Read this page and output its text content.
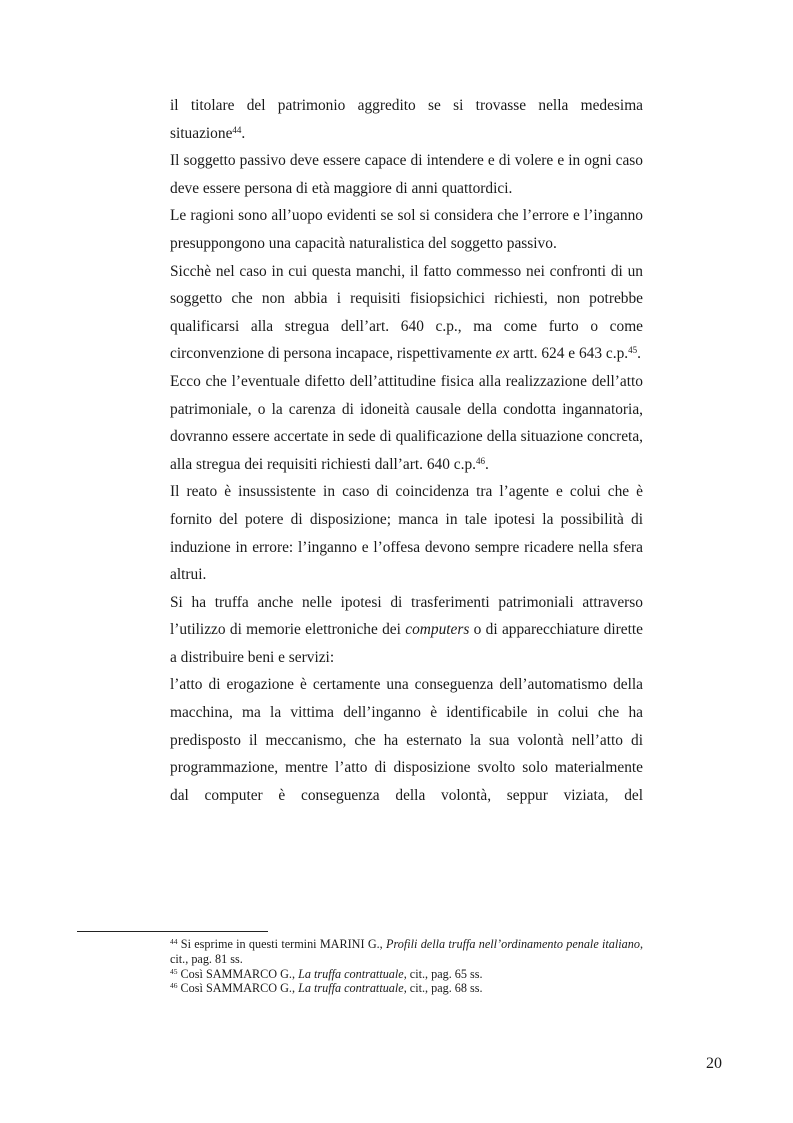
il titolare del patrimonio aggredito se si trovasse nella medesima situazione$^{44}$.

Il soggetto passivo deve essere capace di intendere e di volere e in ogni caso deve essere persona di età maggiore di anni quattordici.

Le ragioni sono all’uopo evidenti se sol si considera che l’errore e l’inganno presuppongono una capacità naturalistica del soggetto passivo.

Sicchè nel caso in cui questa manchi, il fatto commesso nei confronti di un soggetto che non abbia i requisiti fisiopsichici richiesti, non potrebbe qualificarsi alla stregua dell’art. 640 c.p., ma come furto o come circonvenzione di persona incapace, rispettivamente ex artt. 624 e 643 c.p.$^{45}$.

Ecco che l’eventuale difetto dell’attitudine fisica alla realizzazione dell’atto patrimoniale, o la carenza di idoneità causale della condotta ingannatoria, dovranno essere accertate in sede di qualificazione della situazione concreta, alla stregua dei requisiti richiesti dall’art. 640 c.p.$^{46}$.

Il reato è insussistente in caso di coincidenza tra l’agente e colui che è fornito del potere di disposizione; manca in tale ipotesi la possibilità di induzione in errore: l’inganno e l’offesa devono sempre ricadere nella sfera altrui.

Si ha truffa anche nelle ipotesi di trasferimenti patrimoniali attraverso l’utilizzo di memorie elettroniche dei computers o di apparecchiature dirette a distribuire beni e servizi:

l’atto di erogazione è certamente una conseguenza dell’automatismo della macchina, ma la vittima dell’inganno è identificabile in colui che ha predisposto il meccanismo, che ha esternato la sua volontà nell’atto di programmazione, mentre l’atto di disposizione svolto solo materialmente dal computer è conseguenza della volontà, seppur viziata, del

$^{44}$ Si esprime in questi termini MARINI G., Profili della truffa nell’ordinamento penale italiano, cit., pag. 81 ss.

$^{45}$ Così SAMMARCO G., La truffa contrattuale, cit., pag. 65 ss.

$^{46}$ Così SAMMARCO G., La truffa contrattuale, cit., pag. 68 ss.

20
